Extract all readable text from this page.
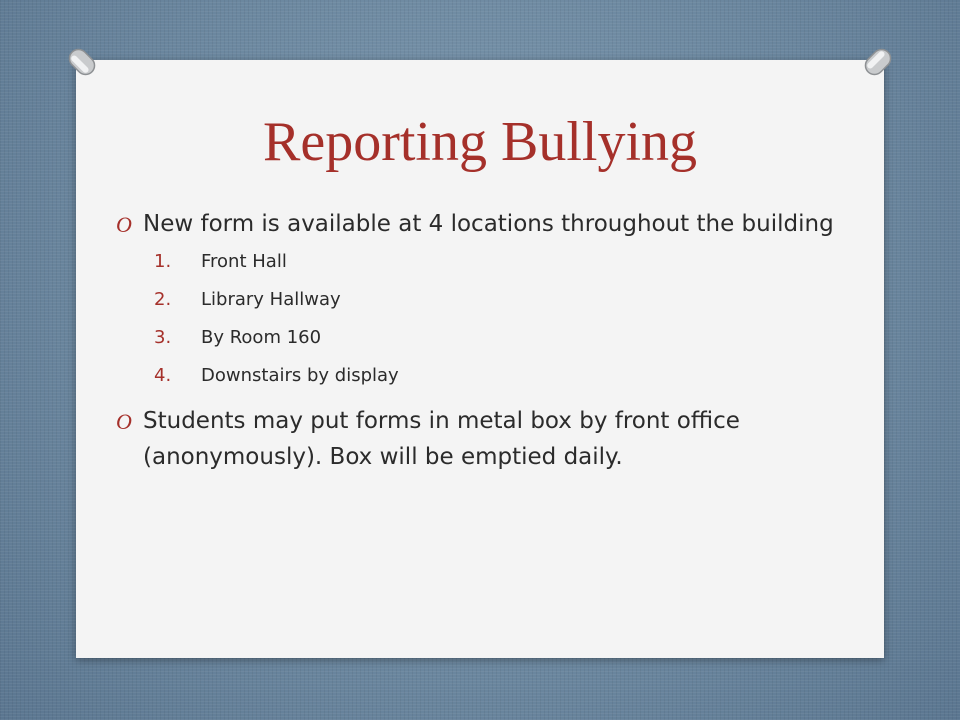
Reporting Bullying
O New form is available at 4 locations throughout the building
1. Front Hall
2. Library Hallway
3. By Room 160
4. Downstairs by display
O Students may put forms in metal box by front office (anonymously). Box will be emptied daily.
